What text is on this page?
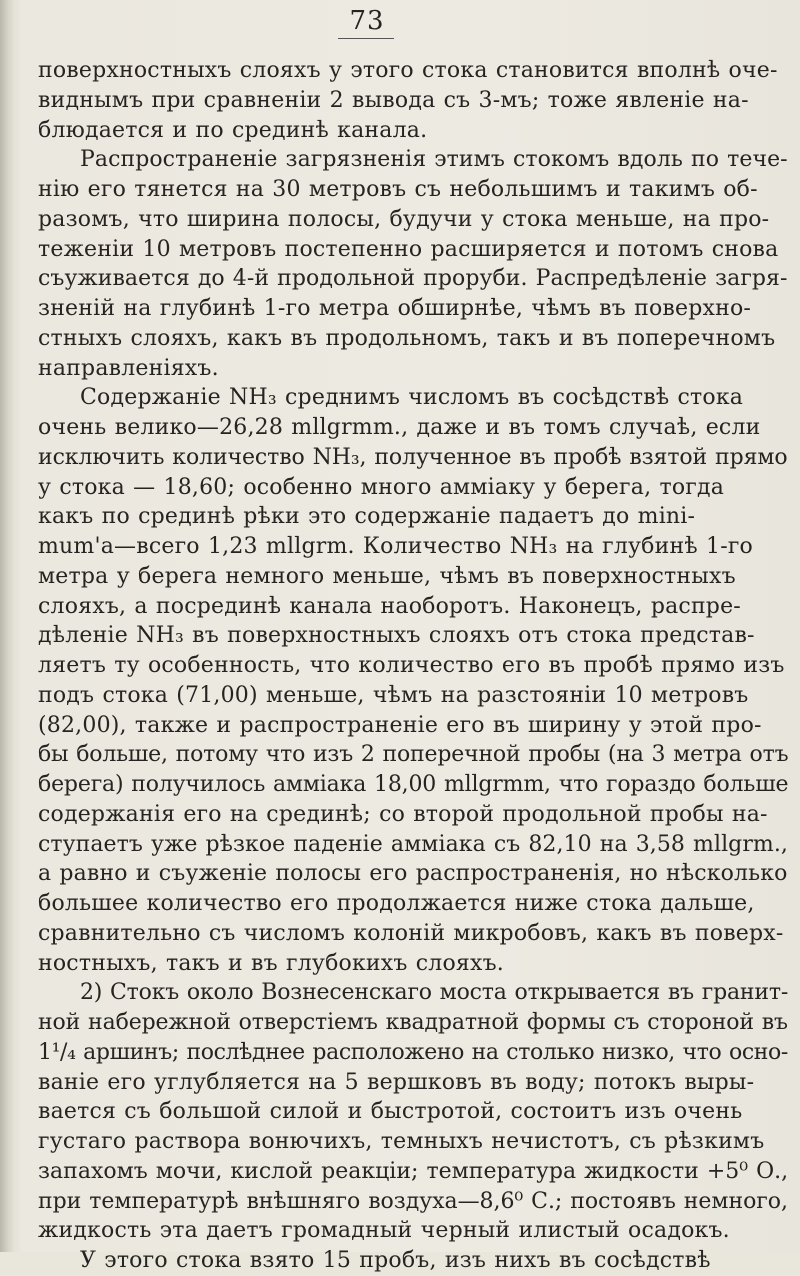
73
поверхностныхъ слояхъ у этого стока становится вполнѣ оче-
виднымъ при сравненіи 2 вывода съ 3-мъ; тоже явленіе на-
блюдается и по срединѣ канала.
Распространеніе загрязненія этимъ стокомъ вдоль по тече-
нію его тянется на 30 метровъ съ небольшимъ и такимъ об-
разомъ, что ширина полосы, будучи у стока меньше, на про-
теженіи 10 метровъ постепенно расширяется и потомъ снова
съуживается до 4-й продольной проруби. Распредѣленіе загря-
зненій на глубинѣ 1-го метра обширнѣе, чѣмъ въ поверхно-
стныхъ слояхъ, какъ въ продольномъ, такъ и въ поперечномъ
направленіяхъ.
Содержаніе NH₃ среднимъ числомъ въ сосѣдствѣ стока
очень велико—26,28 mllgrmm., даже и въ томъ случаѣ, если
исключить количество NH₃, полученное въ пробѣ взятой прямо
у стока — 18,60; особенно много амміаку у берега, тогда
какъ по срединѣ рѣки это содержаніе падаетъ до mini-
mum'a—всего 1,23 mllgrm. Количество NH₃ на глубинѣ 1-го
метра у берега немного меньше, чѣмъ въ поверхностныхъ
слояхъ, а посрединѣ канала наоборотъ. Наконецъ, распре-
дѣленіе NH₃ въ поверхностныхъ слояхъ отъ стока представ-
ляетъ ту особенность, что количество его въ пробѣ прямо изъ
подъ стока (71,00) меньше, чѣмъ на разстояніи 10 метровъ
(82,00), также и распространеніе его въ ширину у этой про-
бы больше, потому что изъ 2 поперечной пробы (на 3 метра отъ
берега) получилось амміака 18,00 mllgrmm, что гораздо больше
содержанія его на срединѣ; со второй продольной пробы на-
ступаетъ уже рѣзкое паденіе амміака съ 82,10 на 3,58 mllgrm.,
а равно и съуженіе полосы его распространенія, но нѣсколько
большее количество его продолжается ниже стока дальше,
сравнительно съ числомъ колоній микробовъ, какъ въ поверх-
ностныхъ, такъ и въ глубокихъ слояхъ.
2) Стокъ около Вознесенскаго моста открывается въ гранит-
ной набережной отверстіемъ квадратной формы съ стороной въ
1¹/₄ аршинъ; послѣднее расположено на столько низко, что осно-
ваніе его углубляется на 5 вершковъ въ воду; потокъ выры-
вается съ большой силой и быстротой, состоитъ изъ очень
густаго раствора вонючихъ, темныхъ нечистотъ, съ рѣзкимъ
запахомъ мочи, кислой реакціи; температура жидкости +5⁰ О.,
при температурѣ внѣшняго воздуха—8,6⁰ С.; постоявъ немного,
жидкость эта даетъ громадный черный илистый осадокъ.
У этого стока взято 15 пробъ, изъ нихъ въ сосѣдствѣ
